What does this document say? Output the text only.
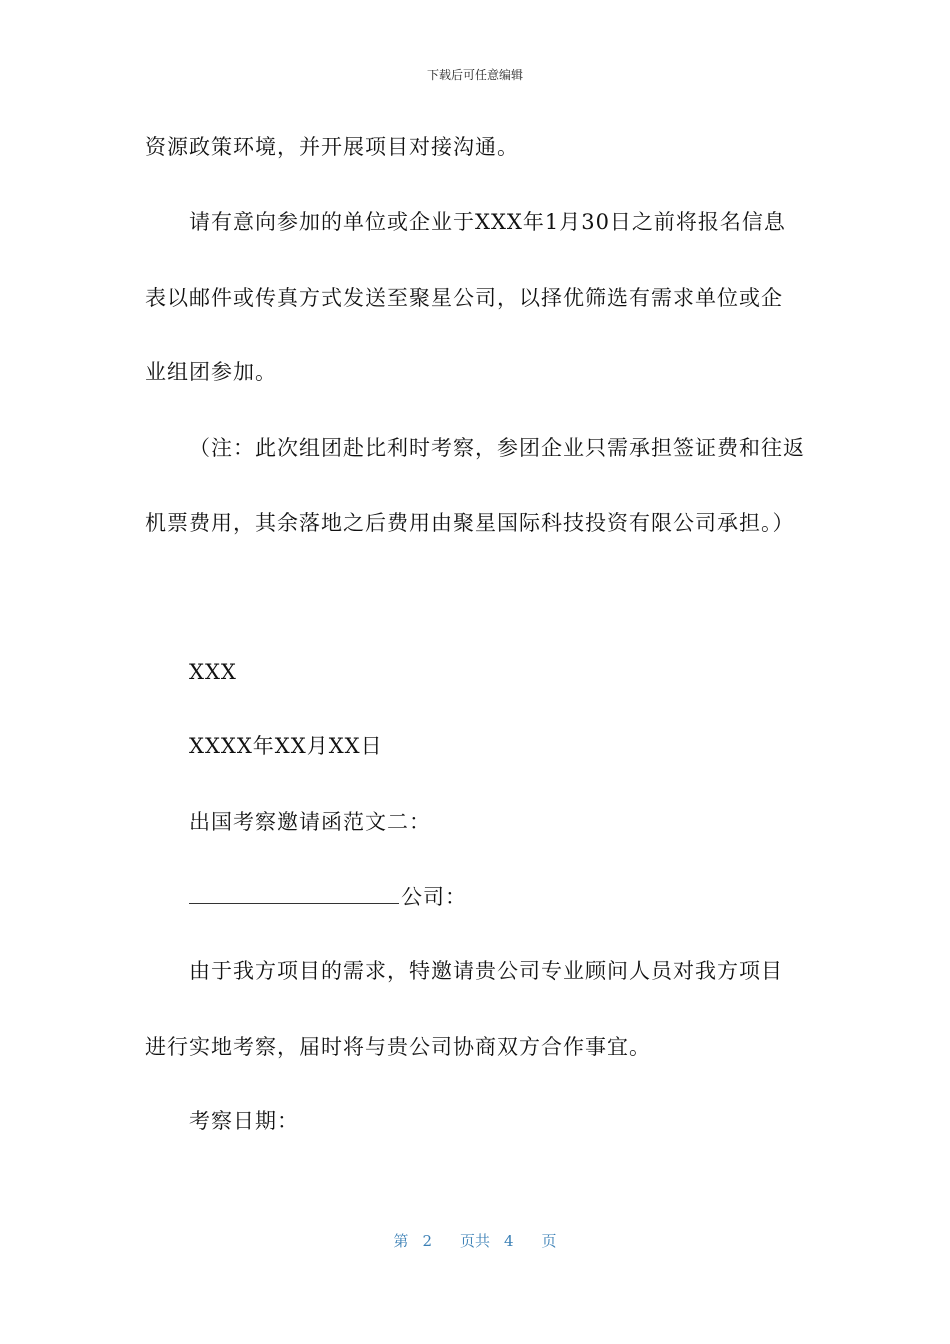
下载后可任意编辑
资源政策环境，并开展项目对接沟通。
请有意向参加的单位或企业于XXX年1月30日之前将报名信息
表以邮件或传真方式发送至聚星公司，以择优筛选有需求单位或企
业组团参加。
（注：此次组团赴比利时考察，参团企业只需承担签证费和往返
机票费用，其余落地之后费用由聚星国际科技投资有限公司承担。）
XXX
XXXX年XX月XX日
出国考察邀请函范文二：
公司：
由于我方项目的需求，特邀请贵公司专业顾问人员对我方项目
进行实地考察，届时将与贵公司协商双方合作事宜。
考察日期：
第 2 页共 4 页
